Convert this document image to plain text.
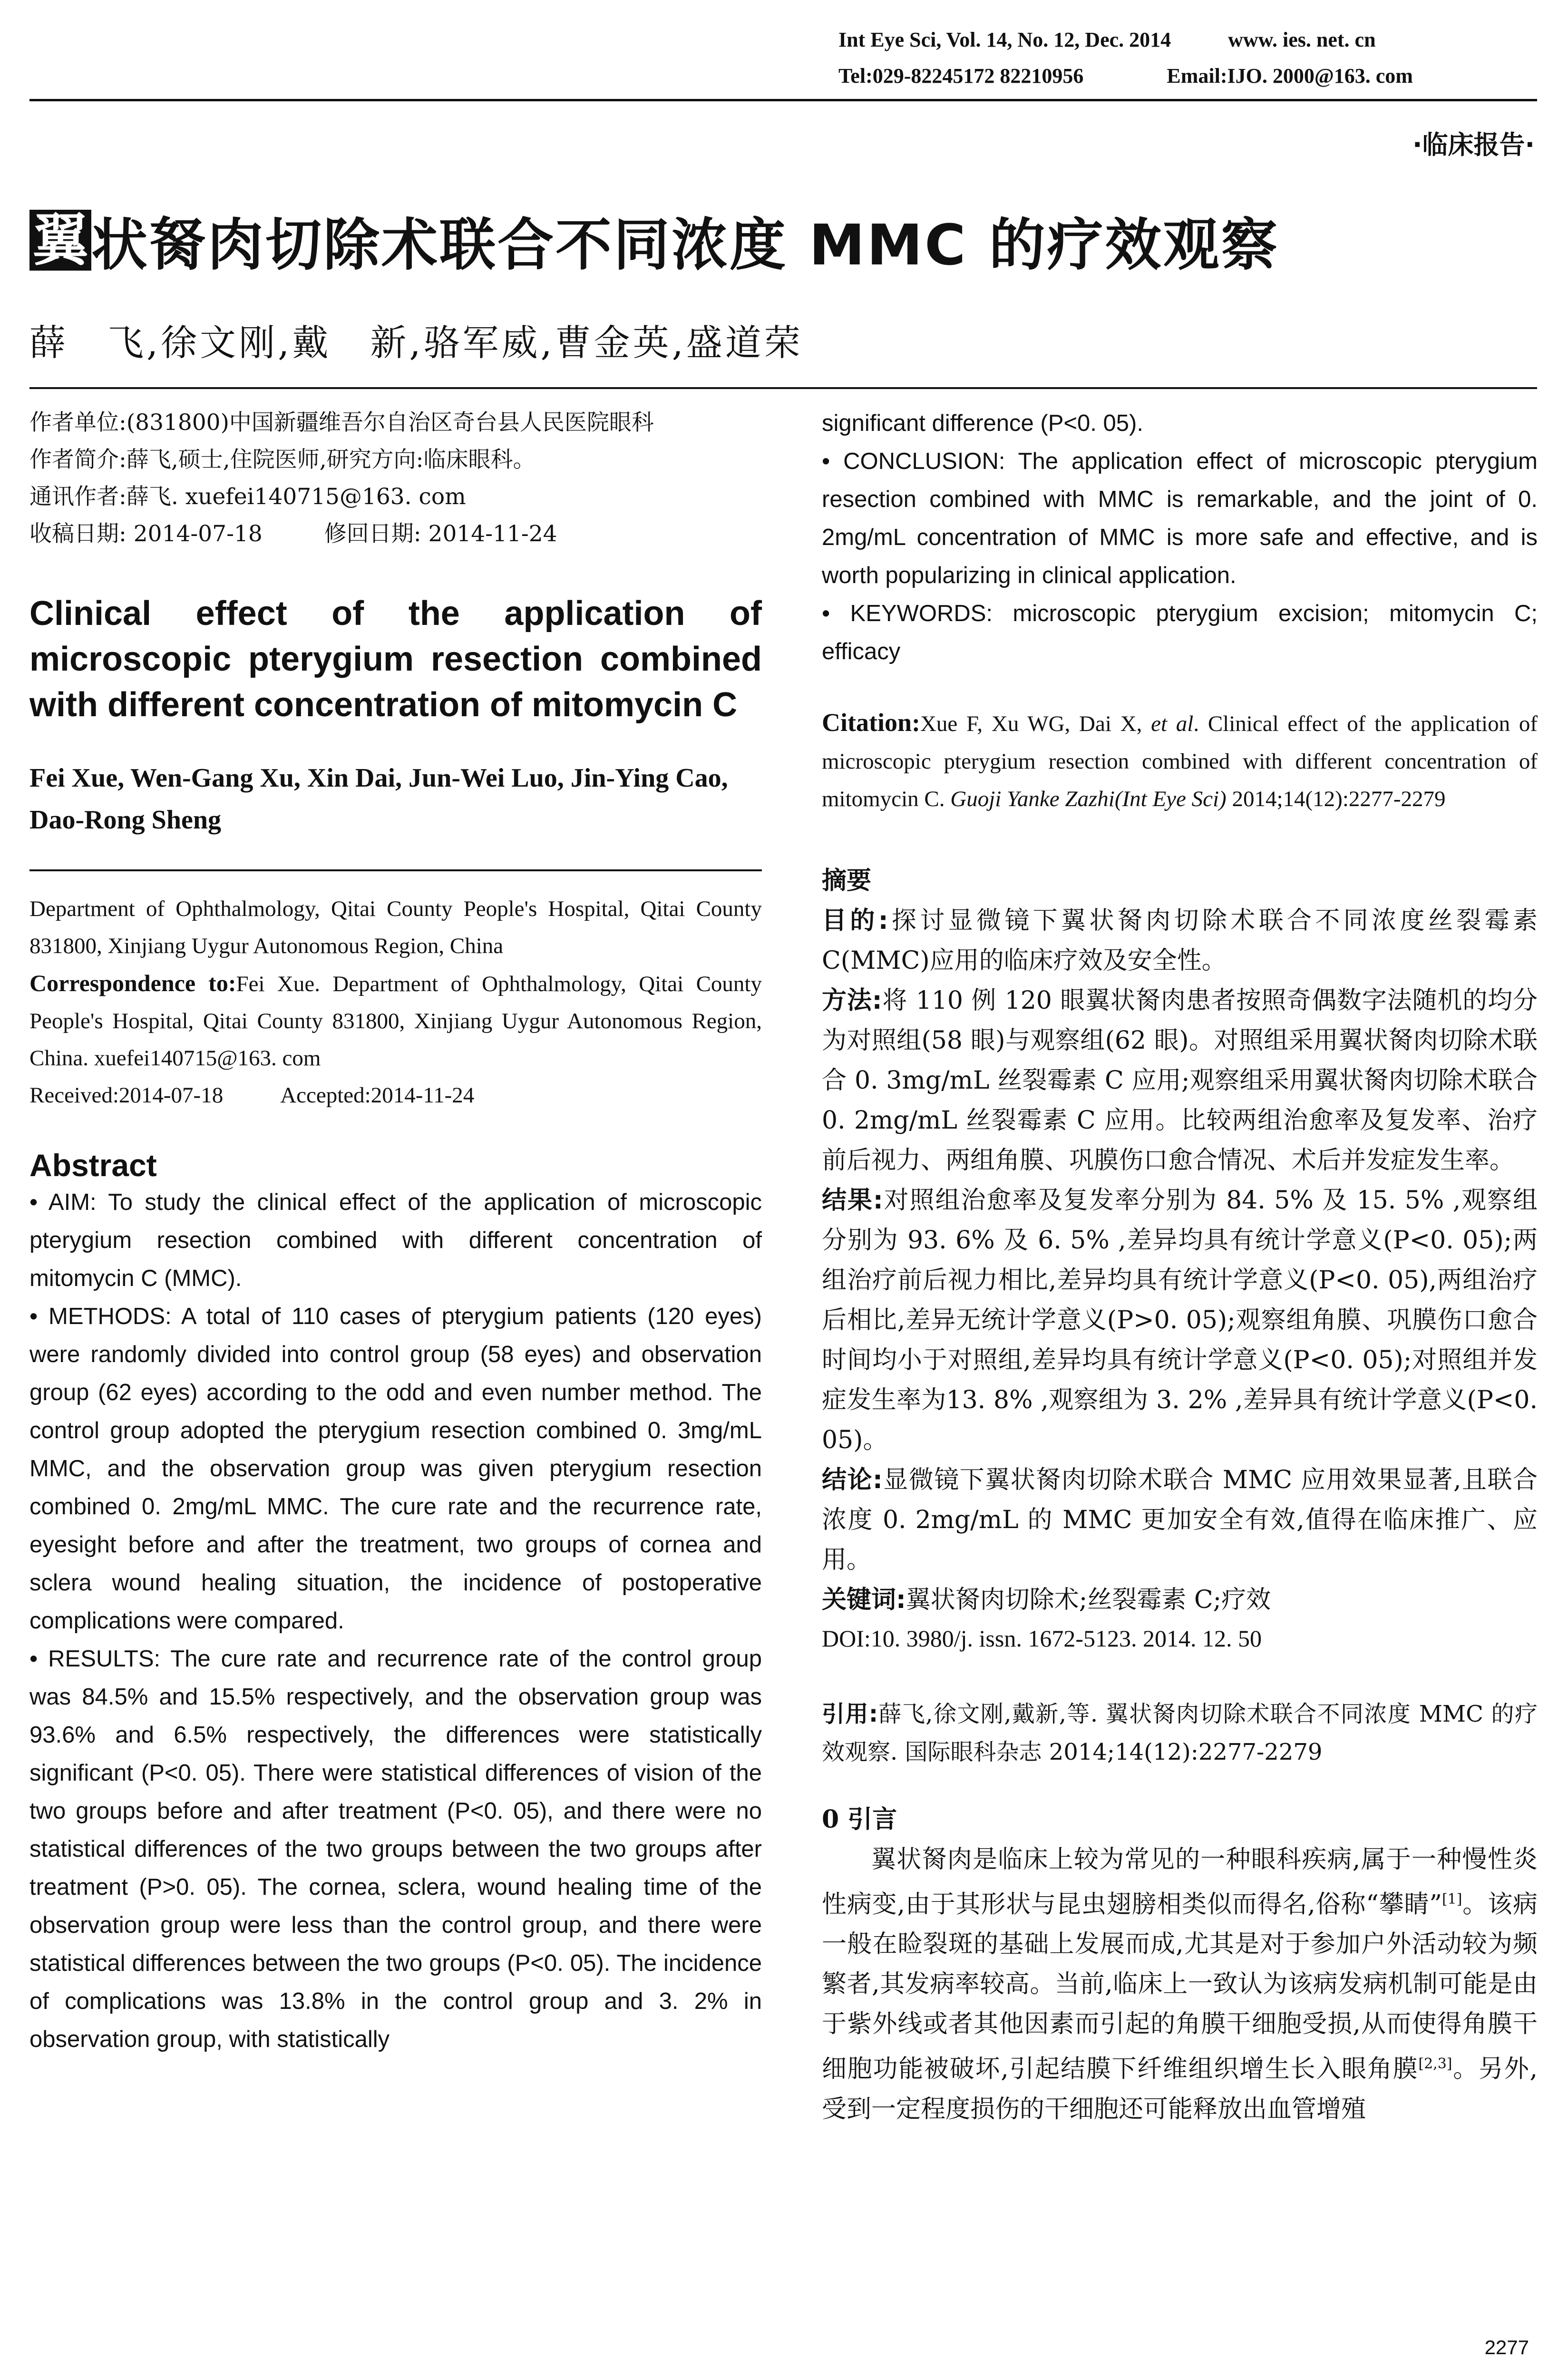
Int Eye Sci, Vol. 14, No. 12, Dec. 2014	www. ies. net. cn
Tel:029-82245172 82210956	Email:IJO. 2000@163. com
·临床报告·
翼 状胬肉切除术联合不同浓度 MMC 的疗效观察
薛　飞,徐文刚,戴　新,骆军威,曹金英,盛道荣

作者单位:(831800)中国新疆维吾尔自治区奇台县人民医院眼科

作者简介:薛飞,硕士,住院医师,研究方向:临床眼科。

通讯作者:薛飞. xuefei140715@163. com

收稿日期: 2014-07-18	修回日期: 2014-11-24

Clinical effect of the application of microscopic pterygium resection combined with different concentration of mitomycin C

Fei Xue, Wen-Gang Xu, Xin Dai, Jun-Wei Luo, Jin-Ying Cao, Dao-Rong Sheng

Department of Ophthalmology, Qitai County People's Hospital, Qitai County 831800, Xinjiang Uygur Autonomous Region, China

Correspondence to:Fei Xue. Department of Ophthalmology, Qitai County People's Hospital, Qitai County 831800, Xinjiang Uygur Autonomous Region, China. xuefei140715@163. com

Received:2014-07-18	Accepted:2014-11-24

Abstract

• AIM: To study the clinical effect of the application of microscopic pterygium resection combined with different concentration of mitomycin C (MMC).

• METHODS: A total of 110 cases of pterygium patients (120 eyes) were randomly divided into control group (58 eyes) and observation group (62 eyes) according to the odd and even number method. The control group adopted the pterygium resection combined 0. 3mg/mL MMC, and the observation group was given pterygium resection combined 0. 2mg/mL MMC. The cure rate and the recurrence rate, eyesight before and after the treatment, two groups of cornea and sclera wound healing situation, the incidence of postoperative complications were compared.

• RESULTS: The cure rate and recurrence rate of the control group was 84.5% and 15.5% respectively, and the observation group was 93.6% and 6.5% respectively, the differences were statistically significant (P<0. 05). There were statistical differences of vision of the two groups before and after treatment (P<0. 05), and there were no statistical differences of the two groups between the two groups after treatment (P>0. 05). The cornea, sclera, wound healing time of the observation group were less than the control group, and there were statistical differences between the two groups (P<0. 05). The incidence of complications was 13.8% in the control group and 3. 2% in observation group, with statistically

significant difference (P<0. 05).

• CONCLUSION: The application effect of microscopic pterygium resection combined with MMC is remarkable, and the joint of 0. 2mg/mL concentration of MMC is more safe and effective, and is worth popularizing in clinical application.

• KEYWORDS: microscopic pterygium excision; mitomycin C; efficacy

Citation:Xue F, Xu WG, Dai X, et al. Clinical effect of the application of microscopic pterygium resection combined with different concentration of mitomycin C. Guoji Yanke Zazhi(Int Eye Sci) 2014;14(12):2277-2279

摘要

目的:探讨显微镜下翼状胬肉切除术联合不同浓度丝裂霉素 C(MMC)应用的临床疗效及安全性。

方法:将 110 例 120 眼翼状胬肉患者按照奇偶数字法随机的均分为对照组(58 眼)与观察组(62 眼)。对照组采用翼状胬肉切除术联合 0. 3mg/mL 丝裂霉素 C 应用;观察组采用翼状胬肉切除术联合 0. 2mg/mL 丝裂霉素 C 应用。比较两组治愈率及复发率、治疗前后视力、两组角膜、巩膜伤口愈合情况、术后并发症发生率。

结果:对照组治愈率及复发率分别为 84. 5% 及 15. 5% ,观察组分别为 93. 6% 及 6. 5% ,差异均具有统计学意义(P<0. 05);两组治疗前后视力相比,差异均具有统计学意义(P<0. 05),两组治疗后相比,差异无统计学意义(P>0. 05);观察组角膜、巩膜伤口愈合时间均小于对照组,差异均具有统计学意义(P<0. 05);对照组并发症发生率为13. 8% ,观察组为 3. 2% ,差异具有统计学意义(P<0. 05)。

结论:显微镜下翼状胬肉切除术联合 MMC 应用效果显著,且联合浓度 0. 2mg/mL 的 MMC 更加安全有效,值得在临床推广、应用。

关键词:翼状胬肉切除术;丝裂霉素 C;疗效

DOI:10. 3980/j. issn. 1672-5123. 2014. 12. 50

引用:薛飞,徐文刚,戴新,等. 翼状胬肉切除术联合不同浓度 MMC 的疗效观察. 国际眼科杂志 2014;14(12):2277-2279

0 引言

翼状胬肉是临床上较为常见的一种眼科疾病,属于一种慢性炎性病变,由于其形状与昆虫翅膀相类似而得名,俗称“攀睛”[1]。该病一般在睑裂斑的基础上发展而成,尤其是对于参加户外活动较为频繁者,其发病率较高。当前,临床上一致认为该病发病机制可能是由于紫外线或者其他因素而引起的角膜干细胞受损,从而使得角膜干细胞功能被破坏,引起结膜下纤维组织增生长入眼角膜[2,3]。另外,受到一定程度损伤的干细胞还可能释放出血管增殖

2277
